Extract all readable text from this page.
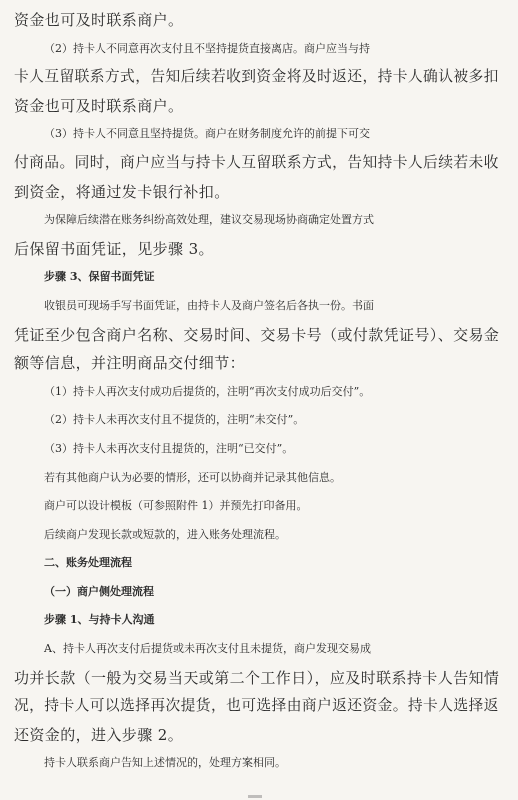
资金也可及时联系商户。
（2）持卡人不同意再次支付且不坚持提货直接离店。商户应当与持
卡人互留联系方式，告知后续若收到资金将及时返还，持卡人确认被多扣
资金也可及时联系商户。
（3）持卡人不同意且坚持提货。商户在财务制度允许的前提下可交
付商品。同时，商户应当与持卡人互留联系方式，告知持卡人后续若未收
到资金，将通过发卡银行补扣。
为保障后续潜在账务纠纷高效处理，建议交易现场协商确定处置方式
后保留书面凭证，见步骤 3。
步骤 3、保留书面凭证
收银员可现场手写书面凭证，由持卡人及商户签名后各执一份。书面
凭证至少包含商户名称、交易时间、交易卡号（或付款凭证号）、交易金
额等信息，并注明商品交付细节：
（1）持卡人再次支付成功后提货的，注明“再次支付成功后交付”。
（2）持卡人未再次支付且不提货的，注明“未交付”。
（3）持卡人未再次支付且提货的，注明“已交付”。
若有其他商户认为必要的情形，还可以协商并记录其他信息。
商户可以设计模板（可参照附件 1）并预先打印备用。
后续商户发现长款或短款的，进入账务处理流程。
二、账务处理流程
（一）商户侧处理流程
步骤 1、与持卡人沟通
A、持卡人再次支付后提货或未再次支付且未提货，商户发现交易成
功并长款（一般为交易当天或第二个工作日），应及时联系持卡人告知情
况，持卡人可以选择再次提货，也可选择由商户返还资金。持卡人选择返
还资金的，进入步骤 2。
持卡人联系商户告知上述情况的，处理方案相同。
